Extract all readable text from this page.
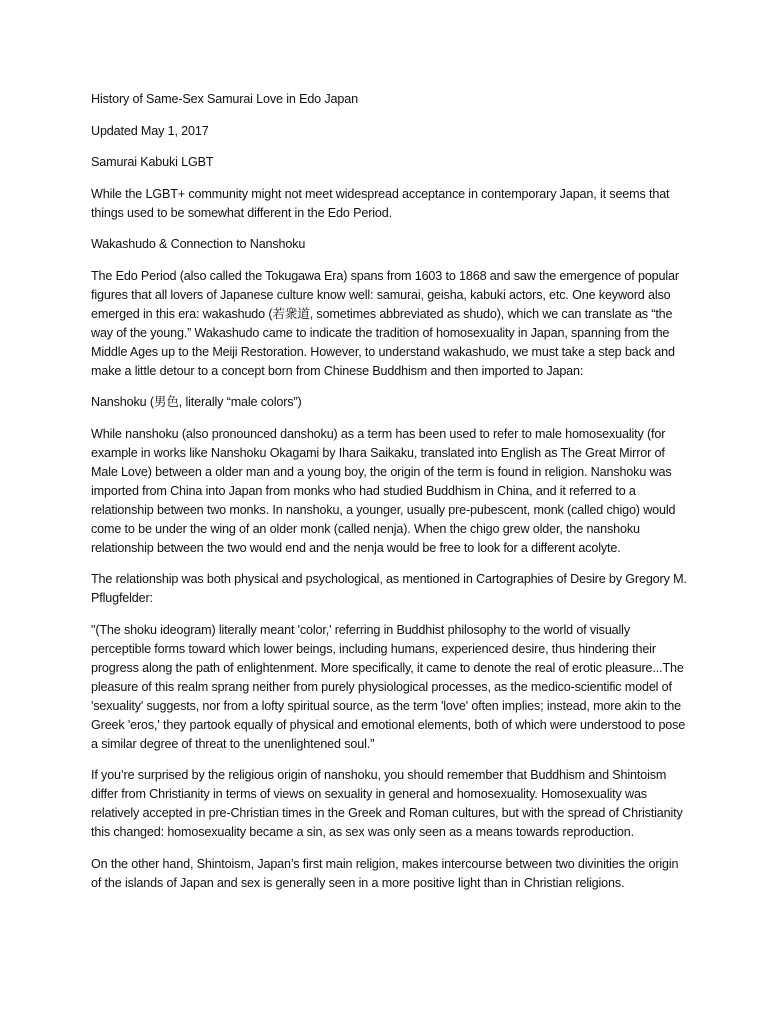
History of Same-Sex Samurai Love in Edo Japan

Updated May 1, 2017

Samurai Kabuki LGBT

While the LGBT+ community might not meet widespread acceptance in contemporary Japan, it seems that things used to be somewhat different in the Edo Period.

Wakashudo & Connection to Nanshoku

The Edo Period (also called the Tokugawa Era) spans from 1603 to 1868 and saw the emergence of popular figures that all lovers of Japanese culture know well: samurai, geisha, kabuki actors, etc. One keyword also emerged in this era: wakashudo (若衆道, sometimes abbreviated as shudo), which we can translate as “the way of the young.” Wakashudo came to indicate the tradition of homosexuality in Japan, spanning from the Middle Ages up to the Meiji Restoration. However, to understand wakashudo, we must take a step back and make a little detour to a concept born from Chinese Buddhism and then imported to Japan:

Nanshoku (男色, literally “male colors”)

While nanshoku (also pronounced danshoku) as a term has been used to refer to male homosexuality (for example in works like Nanshoku Okagami by Ihara Saikaku, translated into English as The Great Mirror of Male Love) between a older man and a young boy, the origin of the term is found in religion. Nanshoku was imported from China into Japan from monks who had studied Buddhism in China, and it referred to a relationship between two monks. In nanshoku, a younger, usually pre-pubescent, monk (called chigo) would come to be under the wing of an older monk (called nenja). When the chigo grew older, the nanshoku relationship between the two would end and the nenja would be free to look for a different acolyte.

The relationship was both physical and psychological, as mentioned in Cartographies of Desire by Gregory M. Pflugfelder:

"(The shoku ideogram) literally meant 'color,' referring in Buddhist philosophy to the world of visually perceptible forms toward which lower beings, including humans, experienced desire, thus hindering their progress along the path of enlightenment. More specifically, it came to denote the real of erotic pleasure...The pleasure of this realm sprang neither from purely physiological processes, as the medico-scientific model of 'sexuality' suggests, nor from a lofty spiritual source, as the term 'love' often implies; instead, more akin to the Greek 'eros,' they partook equally of physical and emotional elements, both of which were understood to pose a similar degree of threat to the unenlightened soul."

If you’re surprised by the religious origin of nanshoku, you should remember that Buddhism and Shintoism differ from Christianity in terms of views on sexuality in general and homosexuality. Homosexuality was relatively accepted in pre-Christian times in the Greek and Roman cultures, but with the spread of Christianity this changed: homosexuality became a sin, as sex was only seen as a means towards reproduction.

On the other hand, Shintoism, Japan’s first main religion, makes intercourse between two divinities the origin of the islands of Japan and sex is generally seen in a more positive light than in Christian religions.
